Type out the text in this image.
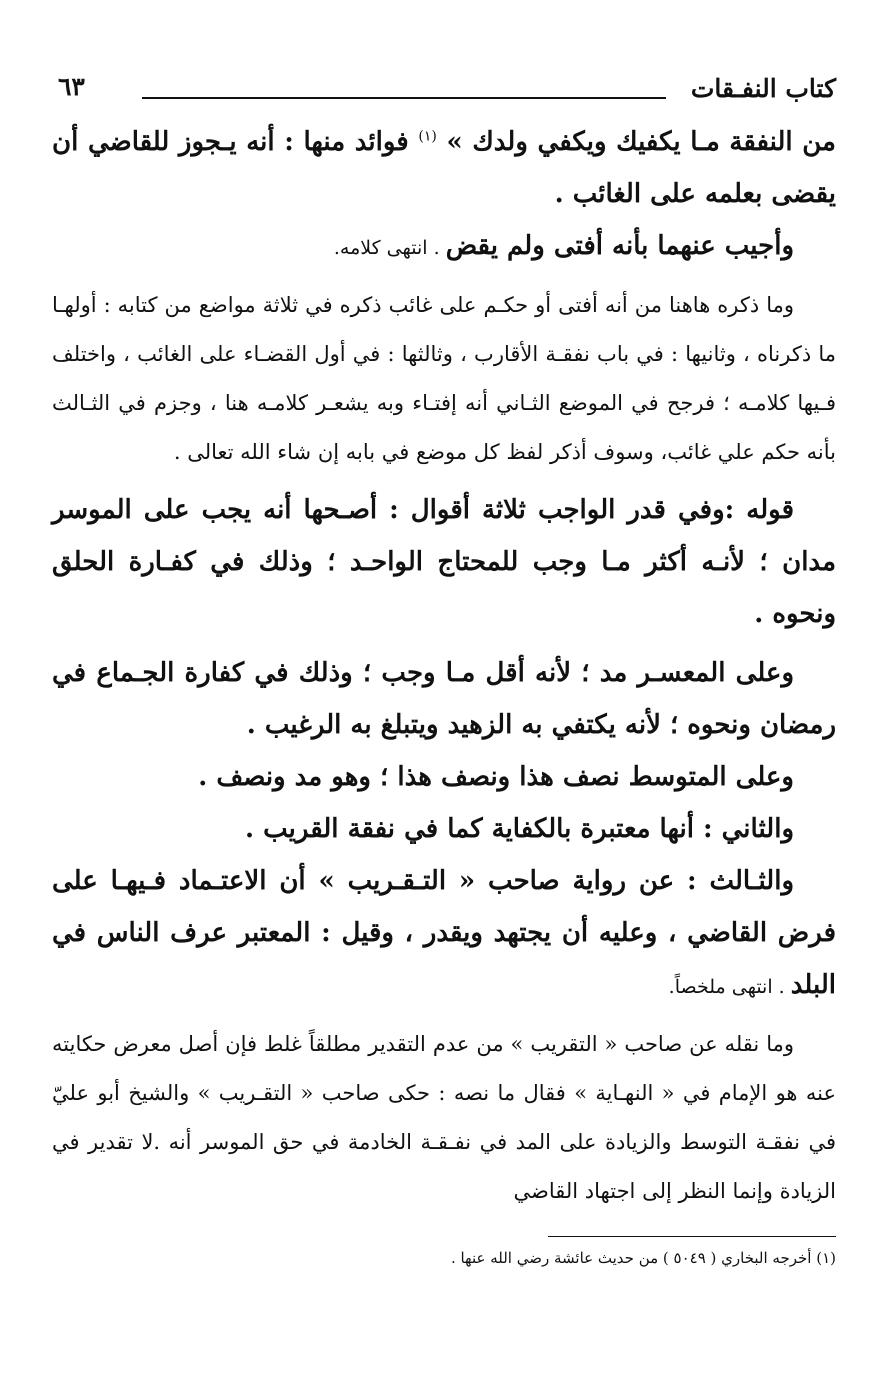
كتاب النفـقات
٦٣

من النفقة مـا يكفيك ويكفي ولدك » $^{(١)}$ فوائد منها : أنه يـجوز للقاضي أن يقضى بعلمه على الغائب .

وأجيب عنهما بأنه أفتى ولم يقض . انتهى كلامه.

وما ذكره هاهنا من أنه أفتى أو حكـم على غائب ذكره في ثلاثة مواضع من كتابه : أولهـا ما ذكرناه ، وثانيها : في باب نفقـة الأقارب ، وثالثها : في أول القضـاء على الغائب ، واختلف فـيها كلامـه ؛ فرجح في الموضع الثـاني أنه إفتـاء وبه يشعـر كلامـه هنا ، وجزم في الثـالث بأنه حكم علي غائب، وسوف أذكر لفظ كل موضع في بابه إن شاء الله تعالى .

قوله :وفي قدر الواجب ثلاثة أقوال : أصـحها أنه يجب على الموسر مدان ؛ لأنـه أكثر مـا وجب للمحتاج الواحـد ؛ وذلك في كفـارة الحلق ونحوه .

وعلى المعسـر مد ؛ لأنه أقل مـا وجب ؛ وذلك في كفارة الجـماع في رمضان ونحوه ؛ لأنه يكتفي به الزهيد ويتبلغ به الرغيب .

وعلى المتوسط نصف هذا ونصف هذا ؛ وهو مد ونصف .

والثاني : أنها معتبرة بالكفاية كما في نفقة القريب .

والثـالث : عن رواية صاحب « التـقـريب » أن الاعتـماد فـيهـا على فرض القاضي ، وعليه أن يجتهد ويقدر ، وقيل : المعتبر عرف الناس في البلد . انتهى ملخصاً.

وما نقله عن صاحب « التقريب » من عدم التقدير مطلقاً غلط فإن أصل معرض حكايته عنه هو الإمام في « النهـاية » فقال ما نصه : حكى صاحب « التقـريب » والشيخ أبو عليّ في نفقـة التوسط والزيادة على المد في نفـقـة الخادمة في حق الموسر أنه .لا تقدير في الزيادة وإنما النظر إلى اجتهاد القاضي

(١) أخرجه البخاري ( ٥٠٤٩ ) من حديث عائشة رضي الله عنها .
